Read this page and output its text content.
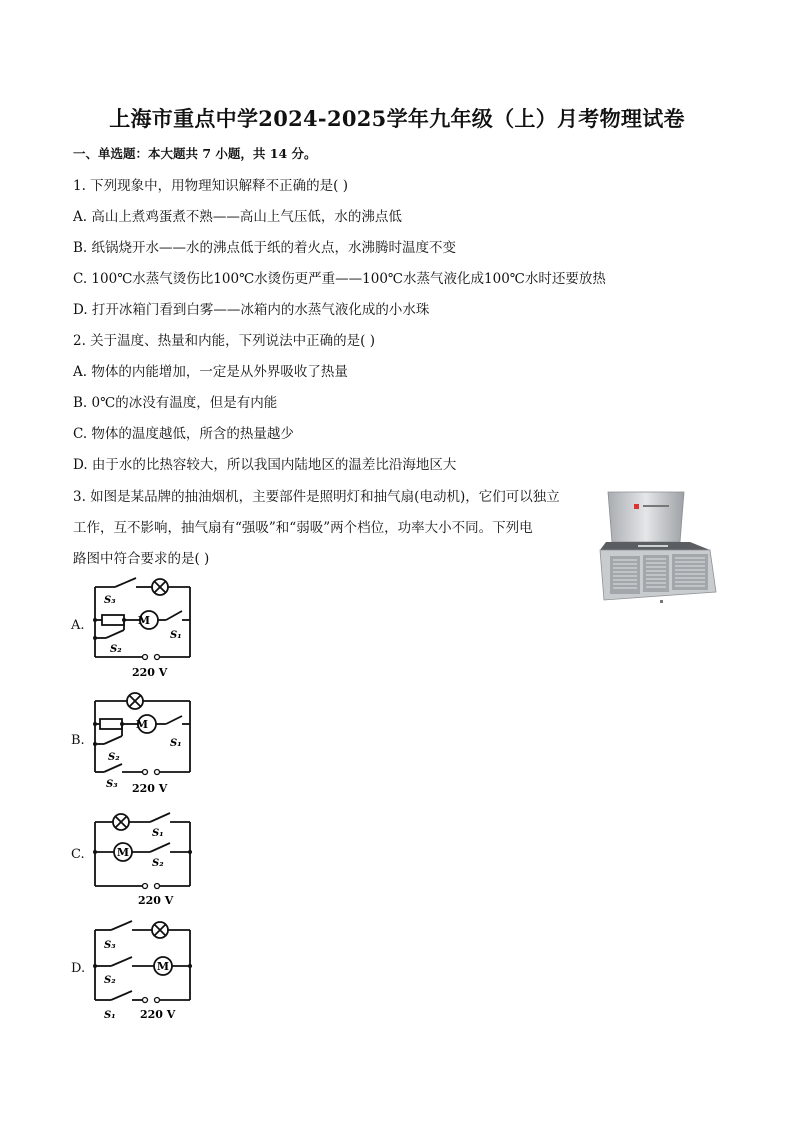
上海市重点中学2024-2025学年九年级（上）月考物理试卷
一、单选题：本大题共 7 小题，共 14 分。
1. 下列现象中，用物理知识解释不正确的是( )
A. 高山上煮鸡蛋煮不熟——高山上气压低，水的沸点低
B. 纸锅烧开水——水的沸点低于纸的着火点，水沸腾时温度不变
C. 100℃水蒸气烫伤比100℃水烫伤更严重——100℃水蒸气液化成100℃水时还要放热
D. 打开冰箱门看到白雾——冰箱内的水蒸气液化成的小水珠
2. 关于温度、热量和内能，下列说法中正确的是( )
A. 物体的内能增加，一定是从外界吸收了热量
B. 0℃的冰没有温度，但是有内能
C. 物体的温度越低，所含的热量越少
D. 由于水的比热容较大，所以我国内陆地区的温差比沿海地区大
3. 如图是某品牌的抽油烟机，主要部件是照明灯和抽气扇(电动机)，它们可以独立
工作，互不影响，抽气扇有“强吸”和“弱吸”两个档位，功率大小不同。下列电
路图中符合要求的是( )
A.
B.
C.
D.
M
S₃
S₁
S₂
220 V
M
S₁
S₂
S₃ 220 V
M
S₁
S₂
220 V
M
S₃
S₂
S₁ 220 V
